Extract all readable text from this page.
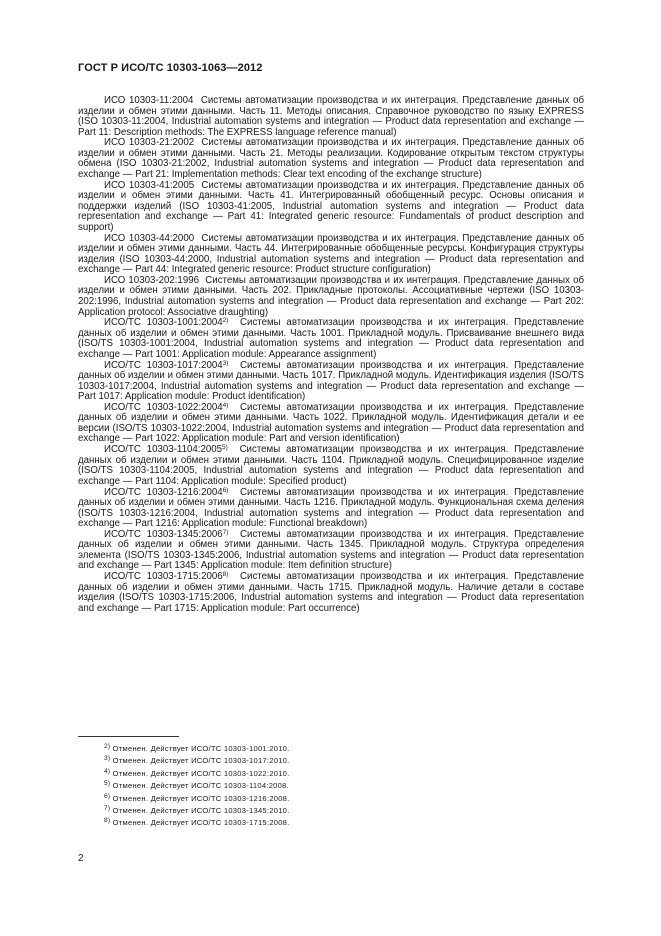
ГОСТ Р ИСО/ТС 10303-1063—2012

ИСО 10303-11:2004 Системы автоматизации производства и их интеграция. Представление данных об изделии и обмен этими данными. Часть 11. Методы описания. Справочное руководство по языку EXPRESS (ISO 10303-11:2004, Industrial automation systems and integration — Product data representation and exchange — Part 11: Description methods: The EXPRESS language reference manual)

ИСО 10303-21:2002 Системы автоматизации производства и их интеграция. Представление данных об изделии и обмен этими данными. Часть 21. Методы реализации. Кодирование открытым текстом структуры обмена (ISO 10303-21:2002, Industrial automation systems and integration — Product data representation and exchange — Part 21: Implementation methods: Clear text encoding of the exchange structure)

ИСО 10303-41:2005 Системы автоматизации производства и их интеграция. Представление данных об изделии и обмен этими данными. Часть 41. Интегрированный обобщенный ресурс. Основы описания и поддержки изделий (ISO 10303-41:2005, Industrial automation systems and integration — Product data representation and exchange — Part 41: Integrated generic resource: Fundamentals of product description and support)

ИСО 10303-44:2000 Системы автоматизации производства и их интеграция. Представление данных об изделии и обмен этими данными. Часть 44. Интегрированные обобщенные ресурсы. Конфигурация структуры изделия (ISO 10303-44:2000, Industrial automation systems and integration — Product data representation and exchange — Part 44: Integrated generic resource: Product structure configuration)

ИСО 10303-202:1996 Системы автоматизации производства и их интеграция. Представление данных об изделии и обмен этими данными. Часть 202. Прикладные протоколы. Ассоциативные чертежи (ISO 10303-202:1996, Industrial automation systems and integration — Product data representation and exchange — Part 202: Application protocol: Associative draughting)

ИСО/ТС 10303-1001:2004$^{2)}$ Системы автоматизации производства и их интеграция. Представление данных об изделии и обмен этими данными. Часть 1001. Прикладной модуль. Присваивание внешнего вида (ISO/TS 10303-1001:2004, Industrial automation systems and integration — Product data representation and exchange — Part 1001: Application module: Appearance assignment)

ИСО/ТС 10303-1017:2004$^{3)}$ Системы автоматизации производства и их интеграция. Представление данных об изделии и обмен этими данными. Часть 1017. Прикладной модуль. Идентификация изделия (ISO/TS 10303-1017:2004, Industrial automation systems and integration — Product data representation and exchange — Part 1017: Application module: Product identification)

ИСО/ТС 10303-1022:2004$^{4)}$ Системы автоматизации производства и их интеграция. Представление данных об изделии и обмен этими данными. Часть 1022. Прикладной модуль. Идентификация детали и ее версии (ISO/TS 10303-1022:2004, Industrial automation systems and integration — Product data representation and exchange — Part 1022: Application module: Part and version identification)

ИСО/ТС 10303-1104:2005$^{5)}$ Системы автоматизации производства и их интеграция. Представление данных об изделии и обмен этими данными. Часть 1104. Прикладной модуль. Специфицированное изделие (ISO/TS 10303-1104:2005, Industrial automation systems and integration — Product data representation and exchange — Part 1104: Application module: Specified product)

ИСО/ТС 10303-1216:2004$^{6)}$ Системы автоматизации производства и их интеграция. Представление данных об изделии и обмен этими данными. Часть 1216. Прикладной модуль. Функциональная схема деления (ISO/TS 10303-1216:2004, Industrial automation systems and integration — Product data representation and exchange — Part 1216: Application module: Functional breakdown)

ИСО/ТС 10303-1345:2006$^{7)}$ Системы автоматизации производства и их интеграция. Представление данных об изделии и обмен этими данными. Часть 1345. Прикладной модуль. Структура определения элемента (ISO/TS 10303-1345:2006, Industrial automation systems and integration — Product data representation and exchange — Part 1345: Application module: Item definition structure)

ИСО/ТС 10303-1715:2006$^{8)}$ Системы автоматизации производства и их интеграция. Представление данных об изделии и обмен этими данными. Часть 1715. Прикладной модуль. Наличие детали в составе изделия (ISO/TS 10303-1715:2006, Industrial automation systems and integration — Product data representation and exchange — Part 1715: Application module: Part occurrence)

$^{2)}$ Отменен. Действует ИСО/ТС 10303-1001:2010.
$^{3)}$ Отменен. Действует ИСО/ТС 10303-1017:2010.
$^{4)}$ Отменен. Действует ИСО/ТС 10303-1022:2010.
$^{5)}$ Отменен. Действует ИСО/ТС 10303-1104:2008.
$^{6)}$ Отменен. Действует ИСО/ТС 10303-1216:2008.
$^{7)}$ Отменен. Действует ИСО/ТС 10303-1345:2010.
$^{8)}$ Отменен. Действует ИСО/ТС 10303-1715:2008.
2
